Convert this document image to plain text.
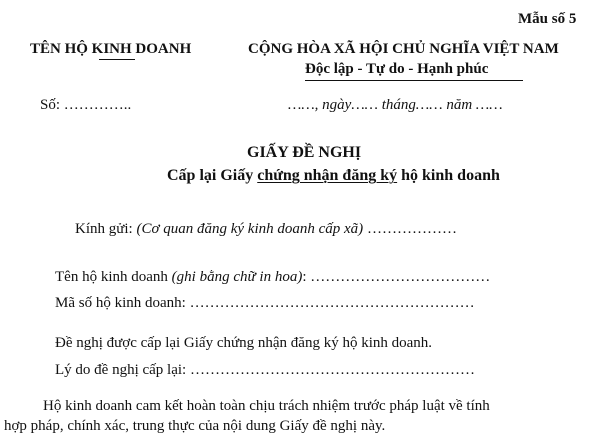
Mẫu số 5
TÊN HỘ KINH DOANH
Số: …………..
CỘNG HÒA XÃ HỘI CHỦ NGHĨA VIỆT NAM
Độc lập - Tự do - Hạnh phúc
……, ngày…… tháng…… năm ……
GIẤY ĐỀ NGHỊ
Cấp lại Giấy chứng nhận đăng ký hộ kinh doanh
Kính gửi: (Cơ quan đăng ký kinh doanh cấp xã) ………………
Tên hộ kinh doanh (ghi bằng chữ in hoa): ………………………………
Mã số hộ kinh doanh: …………………………………………………
Đề nghị được cấp lại Giấy chứng nhận đăng ký hộ kinh doanh.
Lý do đề nghị cấp lại: …………………………………………………
Hộ kinh doanh cam kết hoàn toàn chịu trách nhiệm trước pháp luật về tính
hợp pháp, chính xác, trung thực của nội dung Giấy đề nghị này.
